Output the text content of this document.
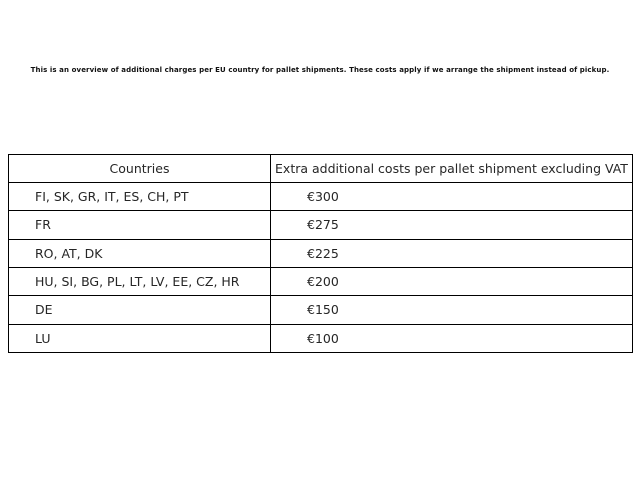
This is an overview of additional charges per EU country for pallet shipments. These costs apply if we arrange the shipment instead of pickup.
Countries	Extra additional costs per pallet shipment excluding VAT
FI, SK, GR, IT, ES, CH, PT	€300
FR	€275
RO, AT, DK	€225
HU, SI, BG, PL, LT, LV, EE, CZ, HR	€200
DE	€150
LU	€100
